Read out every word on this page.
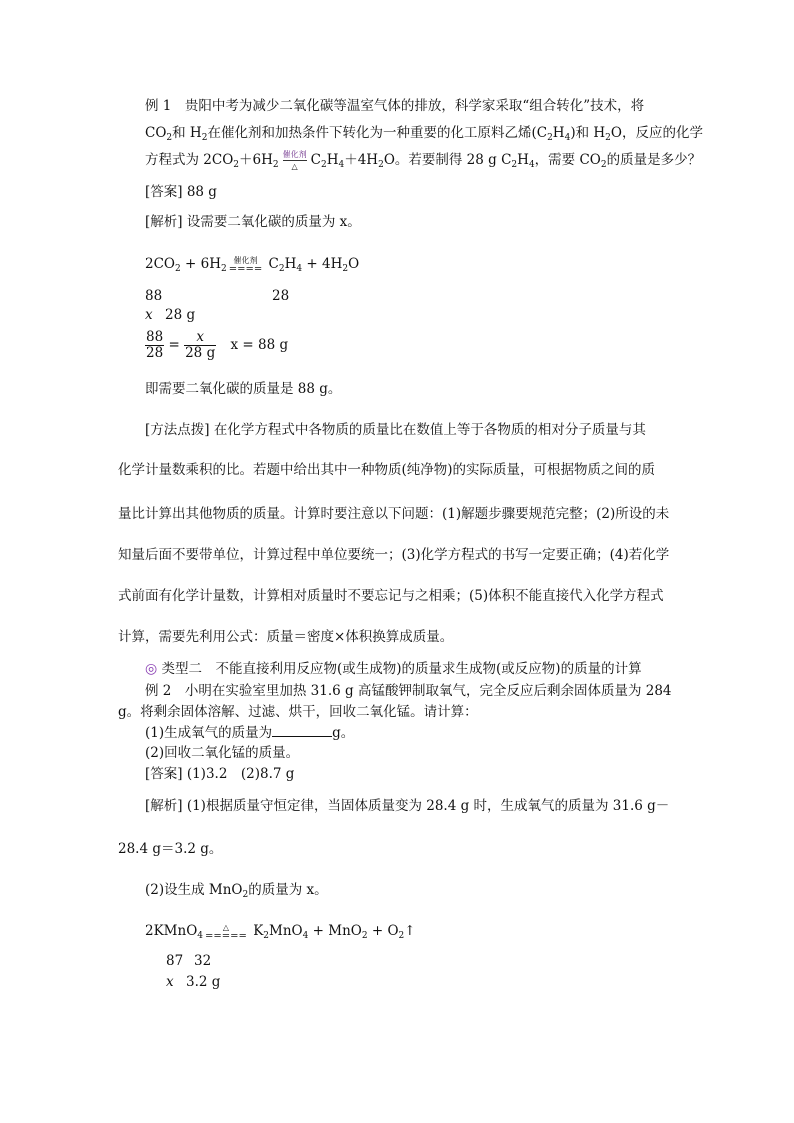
例 1　贵阳中考为减少二氧化碳等温室气体的排放，科学家采取“组合转化”技术，将
$CO_2$和 $H_2$在催化剂和加热条件下转化为一种重要的化工原料乙烯$(C_2H_4)$和 $H_2O$，反应的化学
方程式为 $2CO_2+6H_2$
催化剂
△ $C_2H_4+4H_2O$。若要制得 28 g $C_2H_4$，需要 $CO_2$的质量是多少？
[答案] 88 g
[解析] 设需要二氧化碳的质量为 x。
$2CO_2 + 6H_2$
催化剂
==== $C_2H_4 + 4H_2O$
88	28
x 28 g
$\frac{88}{28} = \frac{x}{28 g}$ x = 88 g
即需要二氧化碳的质量是 88 g。
[方法点拨] 在化学方程式中各物质的质量比在数值上等于各物质的相对分子质量与其
化学计量数乘积的比。若题中给出其中一种物质(纯净物)的实际质量，可根据物质之间的质
量比计算出其他物质的质量。计算时要注意以下问题：(1)解题步骤要规范完整；(2)所设的未
知量后面不要带单位，计算过程中单位要统一；(3)化学方程式的书写一定要正确；(4)若化学
式前面有化学计量数，计算相对质量时不要忘记与之相乘；(5)体积不能直接代入化学方程式
计算，需要先利用公式：质量＝密度×体积换算成质量。
◎ 类型二　不能直接利用反应物(或生成物)的质量求生成物(或反应物)的质量的计算
例 2　小明在实验室里加热 31.6 g 高锰酸钾制取氧气，完全反应后剩余固体质量为 284
g。将剩余固体溶解、过滤、烘干，回收二氧化锰。请计算：
(1)生成氧气的质量为	g。
(2)回收二氧化锰的质量。
[答案] (1)3.2　(2)8.7 g
[解析] (1)根据质量守恒定律，当固体质量变为 28.4 g 时，生成氧气的质量为 31.6 g－
28.4 g＝3.2 g。
(2)设生成 MnO$_2$的质量为 x。
2KMnO$_4$
△
===== $K_2MnO_4 + MnO_2$ + $O_2↑$
87 32
x 3.2 g
